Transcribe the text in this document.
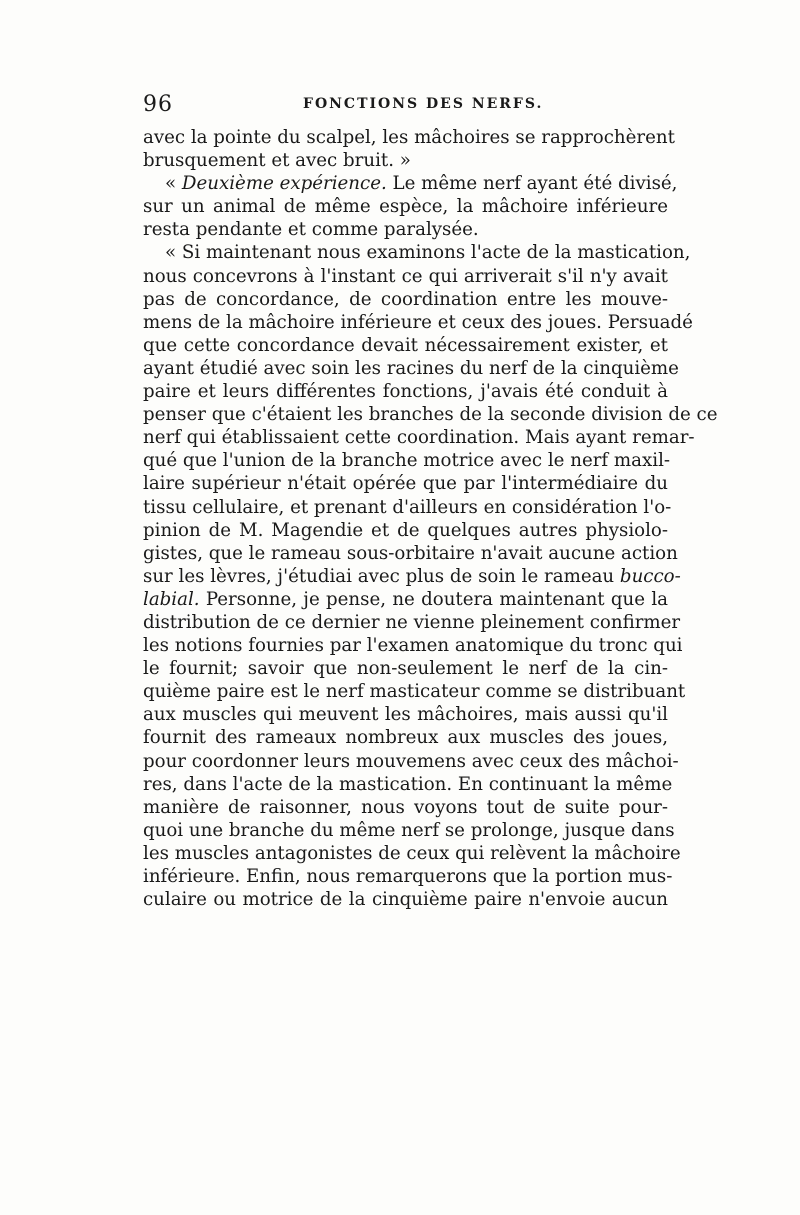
96	FONCTIONS DES NERFS.
avec la pointe du scalpel, les mâchoires se rapprochèrent
brusquement et avec bruit. »
« Deuxième expérience. Le même nerf ayant été divisé,
sur un animal de même espèce, la mâchoire inférieure
resta pendante et comme paralysée.
« Si maintenant nous examinons l'acte de la mastication,
nous concevrons à l'instant ce qui arriverait s'il n'y avait
pas de concordance, de coordination entre les mouve-
mens de la mâchoire inférieure et ceux des joues. Persuadé
que cette concordance devait nécessairement exister, et
ayant étudié avec soin les racines du nerf de la cinquième
paire et leurs différentes fonctions, j'avais été conduit à
penser que c'étaient les branches de la seconde division de ce
nerf qui établissaient cette coordination. Mais ayant remar-
qué que l'union de la branche motrice avec le nerf maxil-
laire supérieur n'était opérée que par l'intermédiaire du
tissu cellulaire, et prenant d'ailleurs en considération l'o-
pinion de M. Magendie et de quelques autres physiolo-
gistes, que le rameau sous-orbitaire n'avait aucune action
sur les lèvres, j'étudiai avec plus de soin le rameau bucco-
labial. Personne, je pense, ne doutera maintenant que la
distribution de ce dernier ne vienne pleinement confirmer
les notions fournies par l'examen anatomique du tronc qui
le fournit; savoir que non-seulement le nerf de la cin-
quième paire est le nerf masticateur comme se distribuant
aux muscles qui meuvent les mâchoires, mais aussi qu'il
fournit des rameaux nombreux aux muscles des joues,
pour coordonner leurs mouvemens avec ceux des mâchoi-
res, dans l'acte de la mastication. En continuant la même
manière de raisonner, nous voyons tout de suite pour-
quoi une branche du même nerf se prolonge, jusque dans
les muscles antagonistes de ceux qui relèvent la mâchoire
inférieure. Enfin, nous remarquerons que la portion mus-
culaire ou motrice de la cinquième paire n'envoie aucun
